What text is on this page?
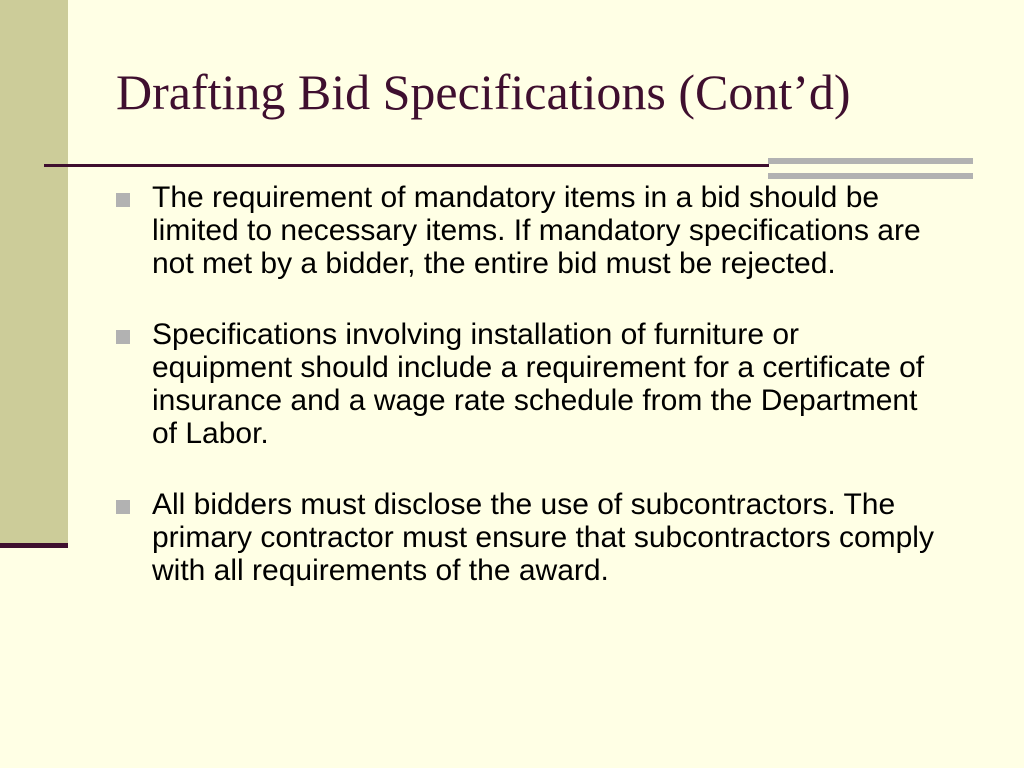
Drafting Bid Specifications (Cont’d)
The requirement of mandatory items in a bid should be limited to necessary items. If mandatory specifications are not met by a bidder, the entire bid must be rejected.
Specifications involving installation of furniture or equipment should include a requirement for a certificate of insurance and a wage rate schedule from the Department of Labor.
All bidders must disclose the use of subcontractors. The primary contractor must ensure that subcontractors comply with all requirements of the award.
